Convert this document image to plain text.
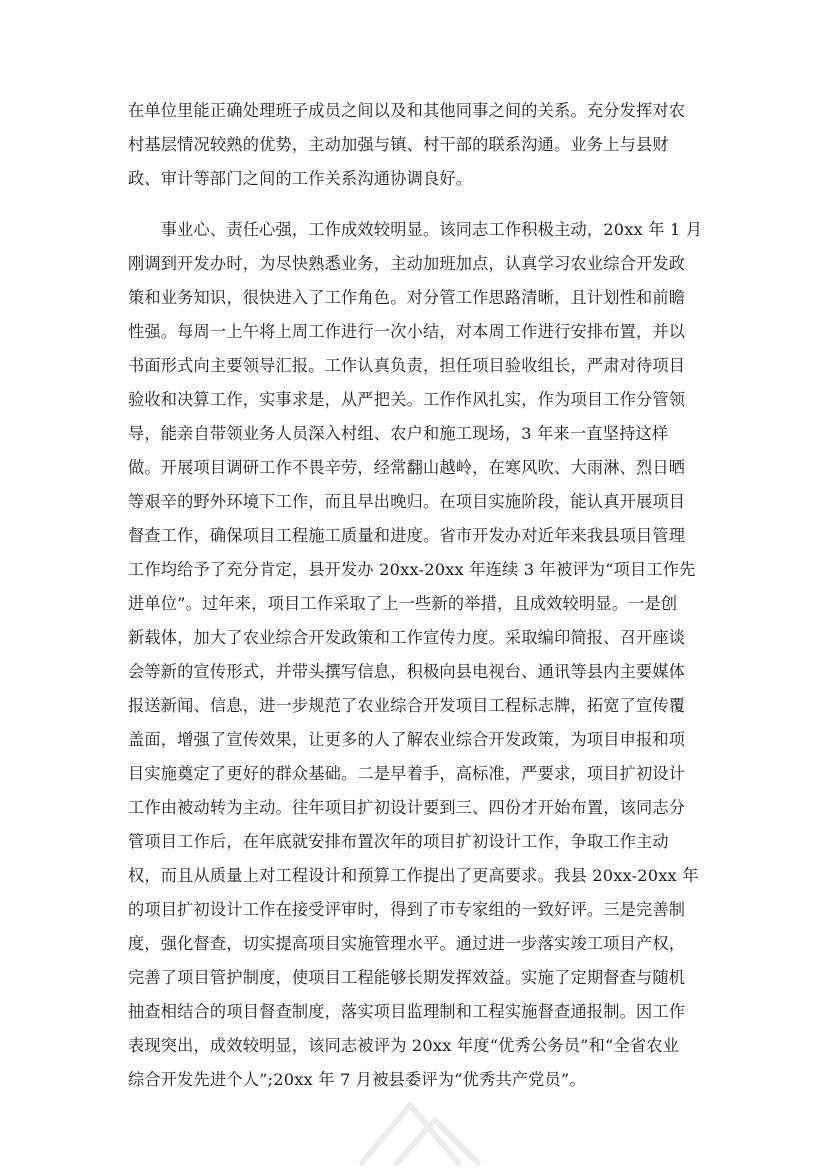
在单位里能正确处理班子成员之间以及和其他同事之间的关系。充分发挥对农
村基层情况较熟的优势，主动加强与镇、村干部的联系沟通。业务上与县财
政、审计等部门之间的工作关系沟通协调良好。
　　事业心、责任心强，工作成效较明显。该同志工作积极主动，20xx 年 1 月
刚调到开发办时，为尽快熟悉业务，主动加班加点，认真学习农业综合开发政
策和业务知识，很快进入了工作角色。对分管工作思路清晰，且计划性和前瞻
性强。每周一上午将上周工作进行一次小结，对本周工作进行安排布置，并以
书面形式向主要领导汇报。工作认真负责，担任项目验收组长，严肃对待项目
验收和决算工作，实事求是，从严把关。工作作风扎实，作为项目工作分管领
导，能亲自带领业务人员深入村组、农户和施工现场，3 年来一直坚持这样
做。开展项目调研工作不畏辛劳，经常翻山越岭，在寒风吹、大雨淋、烈日晒
等艰辛的野外环境下工作，而且早出晚归。在项目实施阶段，能认真开展项目
督查工作，确保项目工程施工质量和进度。省市开发办对近年来我县项目管理
工作均给予了充分肯定，县开发办 20xx-20xx 年连续 3 年被评为“项目工作先
进单位”。过年来，项目工作采取了上一些新的举措，且成效较明显。一是创
新载体，加大了农业综合开发政策和工作宣传力度。采取编印简报、召开座谈
会等新的宣传形式，并带头撰写信息，积极向县电视台、通讯等县内主要媒体
报送新闻、信息，进一步规范了农业综合开发项目工程标志牌，拓宽了宣传覆
盖面，增强了宣传效果，让更多的人了解农业综合开发政策，为项目申报和项
目实施奠定了更好的群众基础。二是早着手，高标准，严要求，项目扩初设计
工作由被动转为主动。往年项目扩初设计要到三、四份才开始布置，该同志分
管项目工作后，在年底就安排布置次年的项目扩初设计工作，争取工作主动
权，而且从质量上对工程设计和预算工作提出了更高要求。我县 20xx-20xx 年
的项目扩初设计工作在接受评审时，得到了市专家组的一致好评。三是完善制
度，强化督查，切实提高项目实施管理水平。通过进一步落实竣工项目产权，
完善了项目管护制度，使项目工程能够长期发挥效益。实施了定期督查与随机
抽查相结合的项目督查制度，落实项目监理制和工程实施督查通报制。因工作
表现突出，成效较明显，该同志被评为 20xx 年度“优秀公务员”和“全省农业
综合开发先进个人”;20xx 年 7 月被县委评为“优秀共产党员”。
